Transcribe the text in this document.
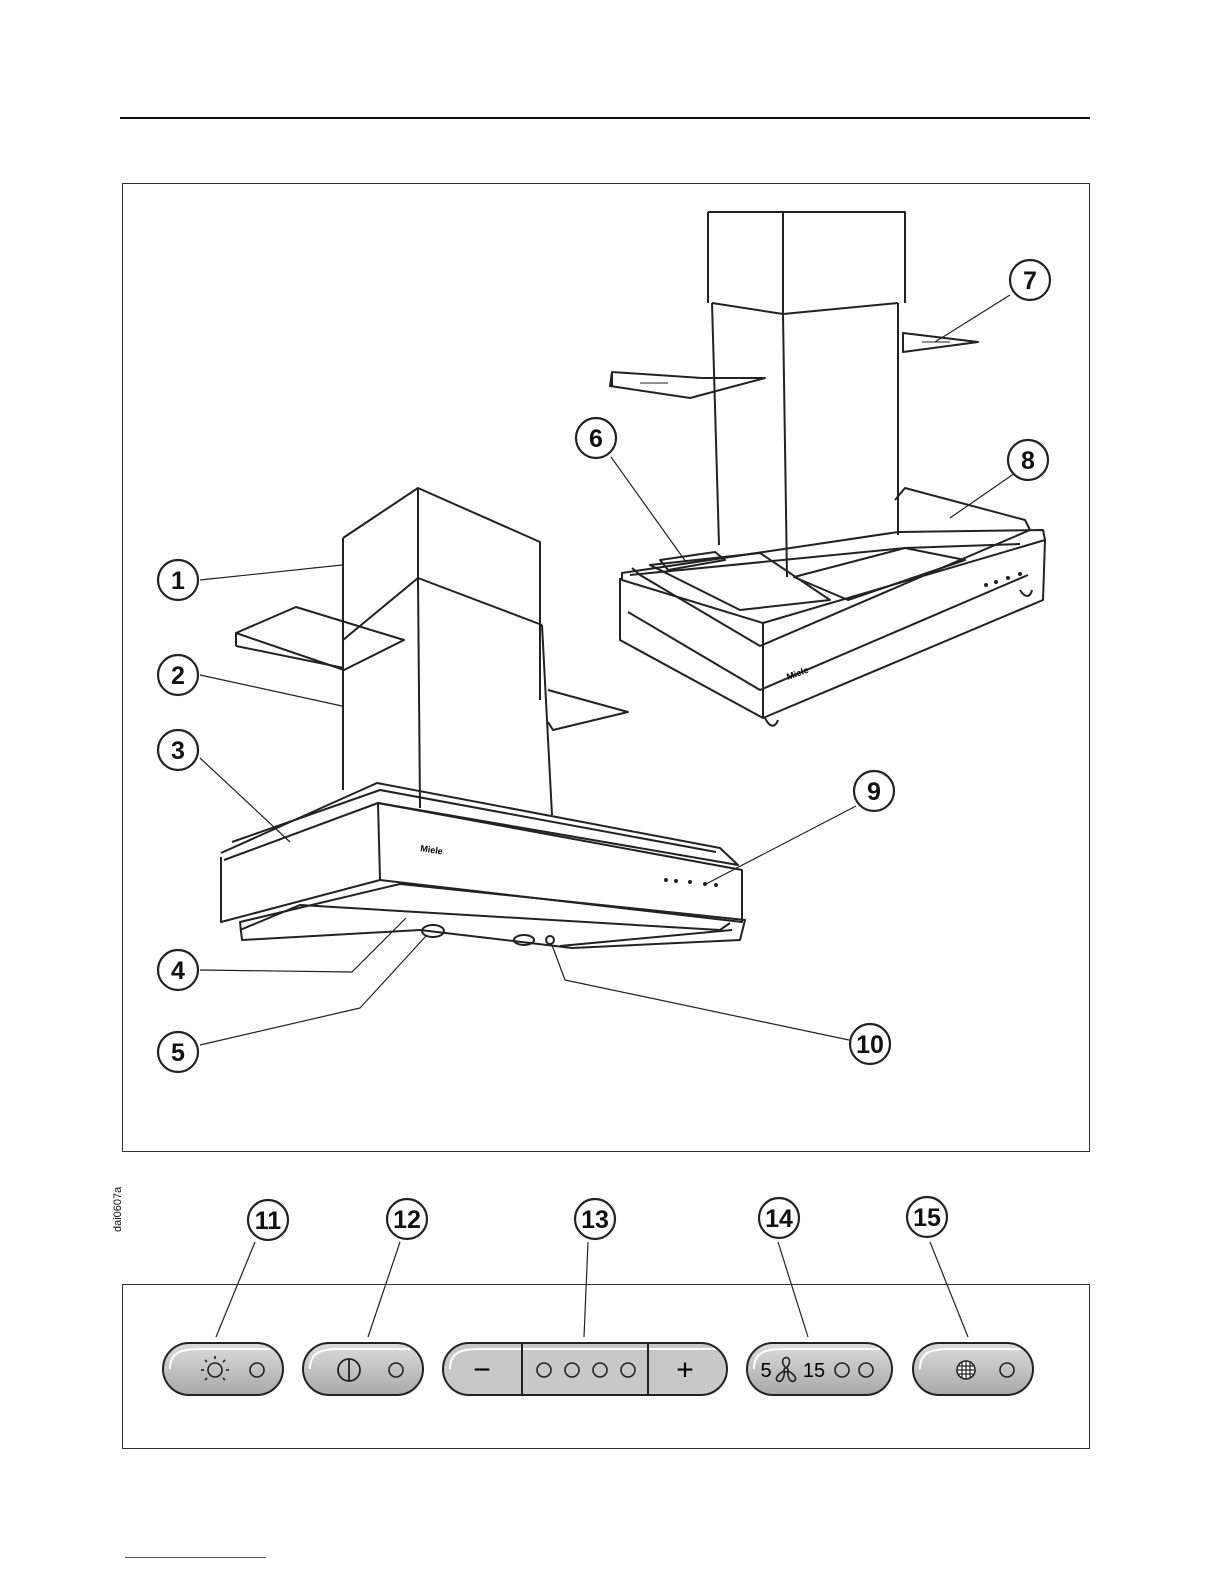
dai0607a
Miele
Miele
1
2
3
4
5
6
7
8
9
10
11	12	13	14	15
−	+	5 15
